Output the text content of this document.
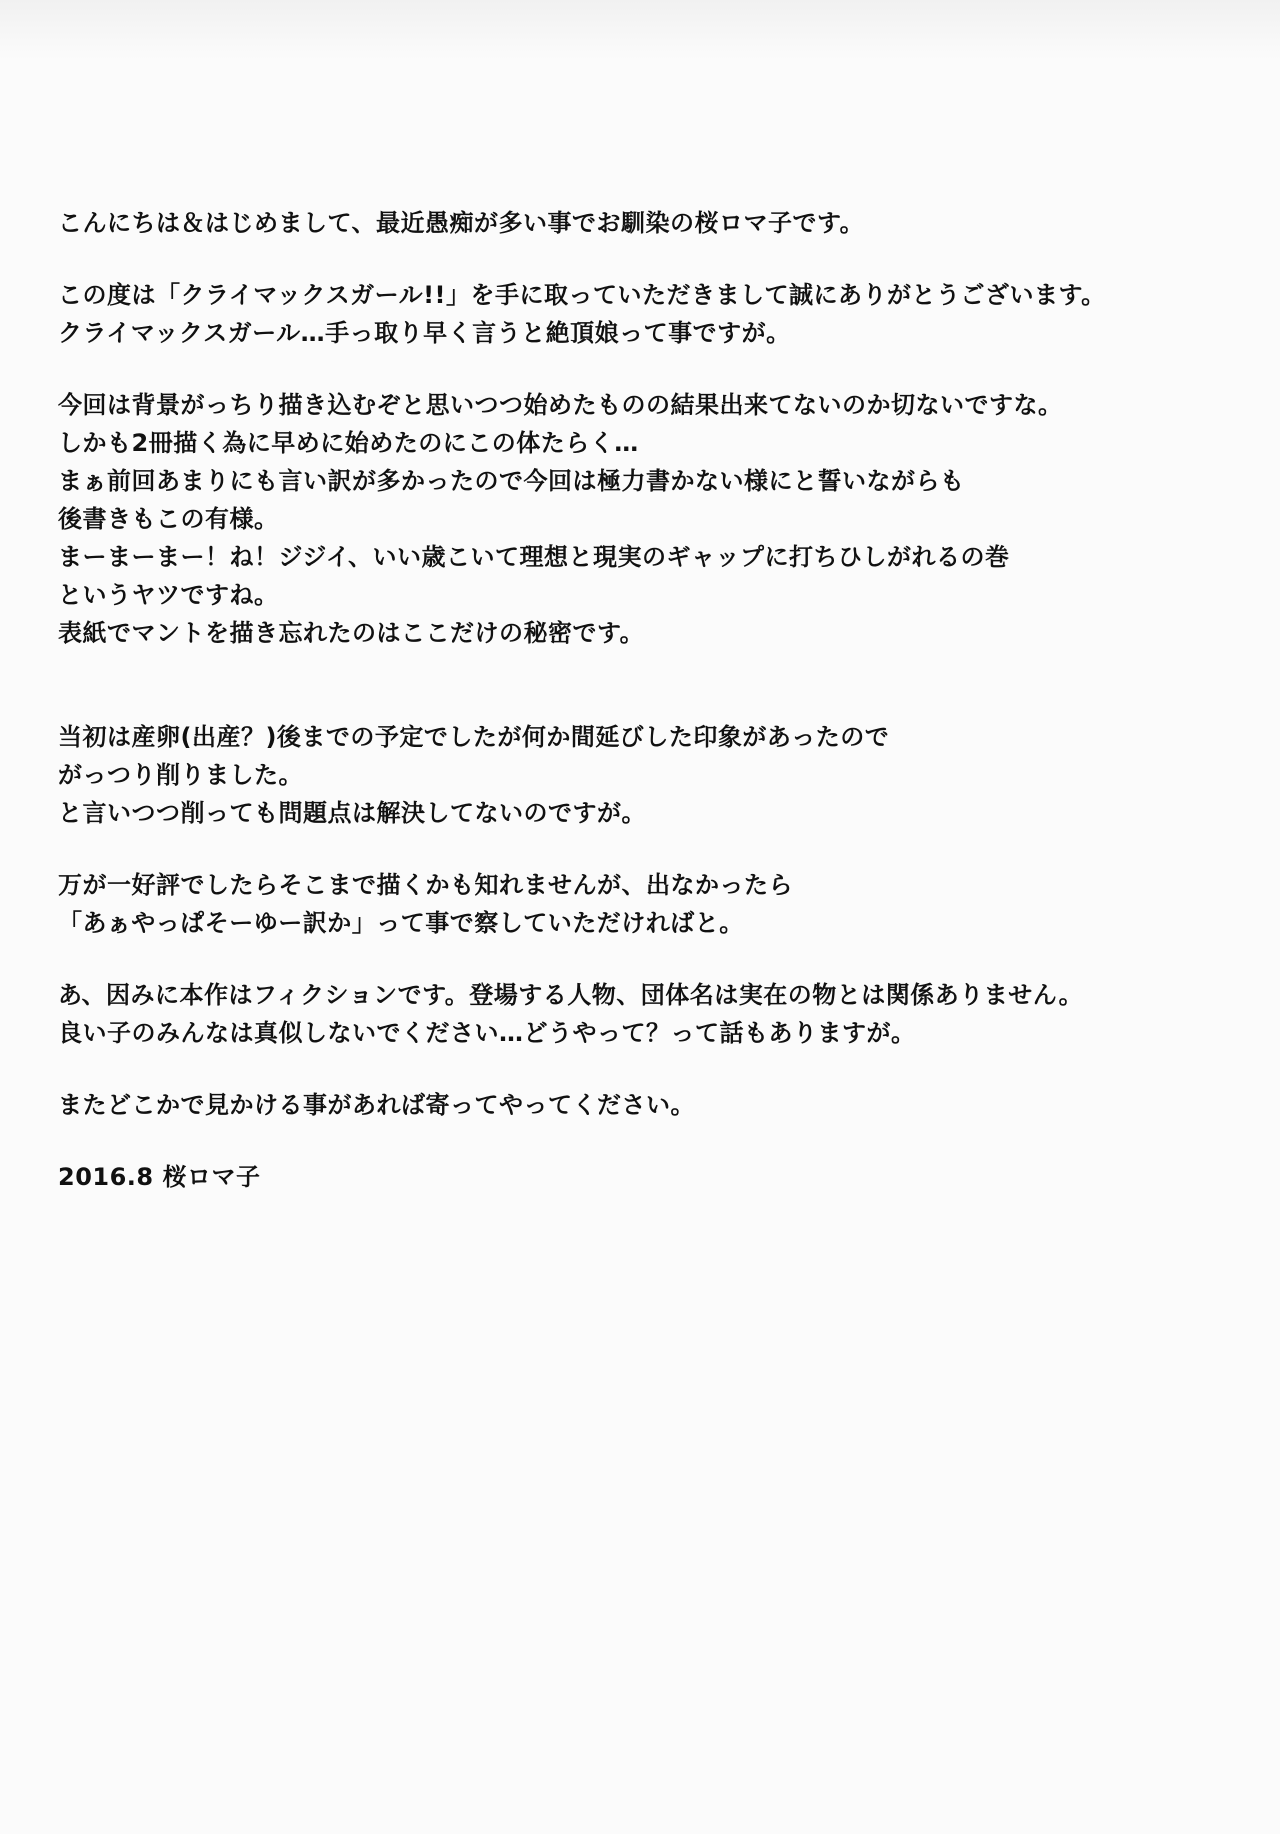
こんにちは＆はじめまして、最近愚痴が多い事でお馴染の桜ロマ子です。
この度は「クライマックスガール!!」を手に取っていただきまして誠にありがとうございます。
クライマックスガール…手っ取り早く言うと絶頂娘って事ですが。
今回は背景がっちり描き込むぞと思いつつ始めたものの結果出来てないのか切ないですな。
しかも2冊描く為に早めに始めたのにこの体たらく…
まぁ前回あまりにも言い訳が多かったので今回は極力書かない様にと誓いながらも
後書きもこの有様。
まーまーまー！ね！ジジイ、いい歳こいて理想と現実のギャップに打ちひしがれるの巻
というヤツですね。
表紙でマントを描き忘れたのはここだけの秘密です。
当初は産卵(出産？)後までの予定でしたが何か間延びした印象があったので
がっつり削りました。
と言いつつ削っても問題点は解決してないのですが。
万が一好評でしたらそこまで描くかも知れませんが、出なかったら
「あぁやっぱそーゆー訳か」って事で察していただければと。
あ、因みに本作はフィクションです。登場する人物、団体名は実在の物とは関係ありません。
良い子のみんなは真似しないでください…どうやって？って話もありますが。
またどこかで見かける事があれば寄ってやってください。
2016.8 桜ロマ子
